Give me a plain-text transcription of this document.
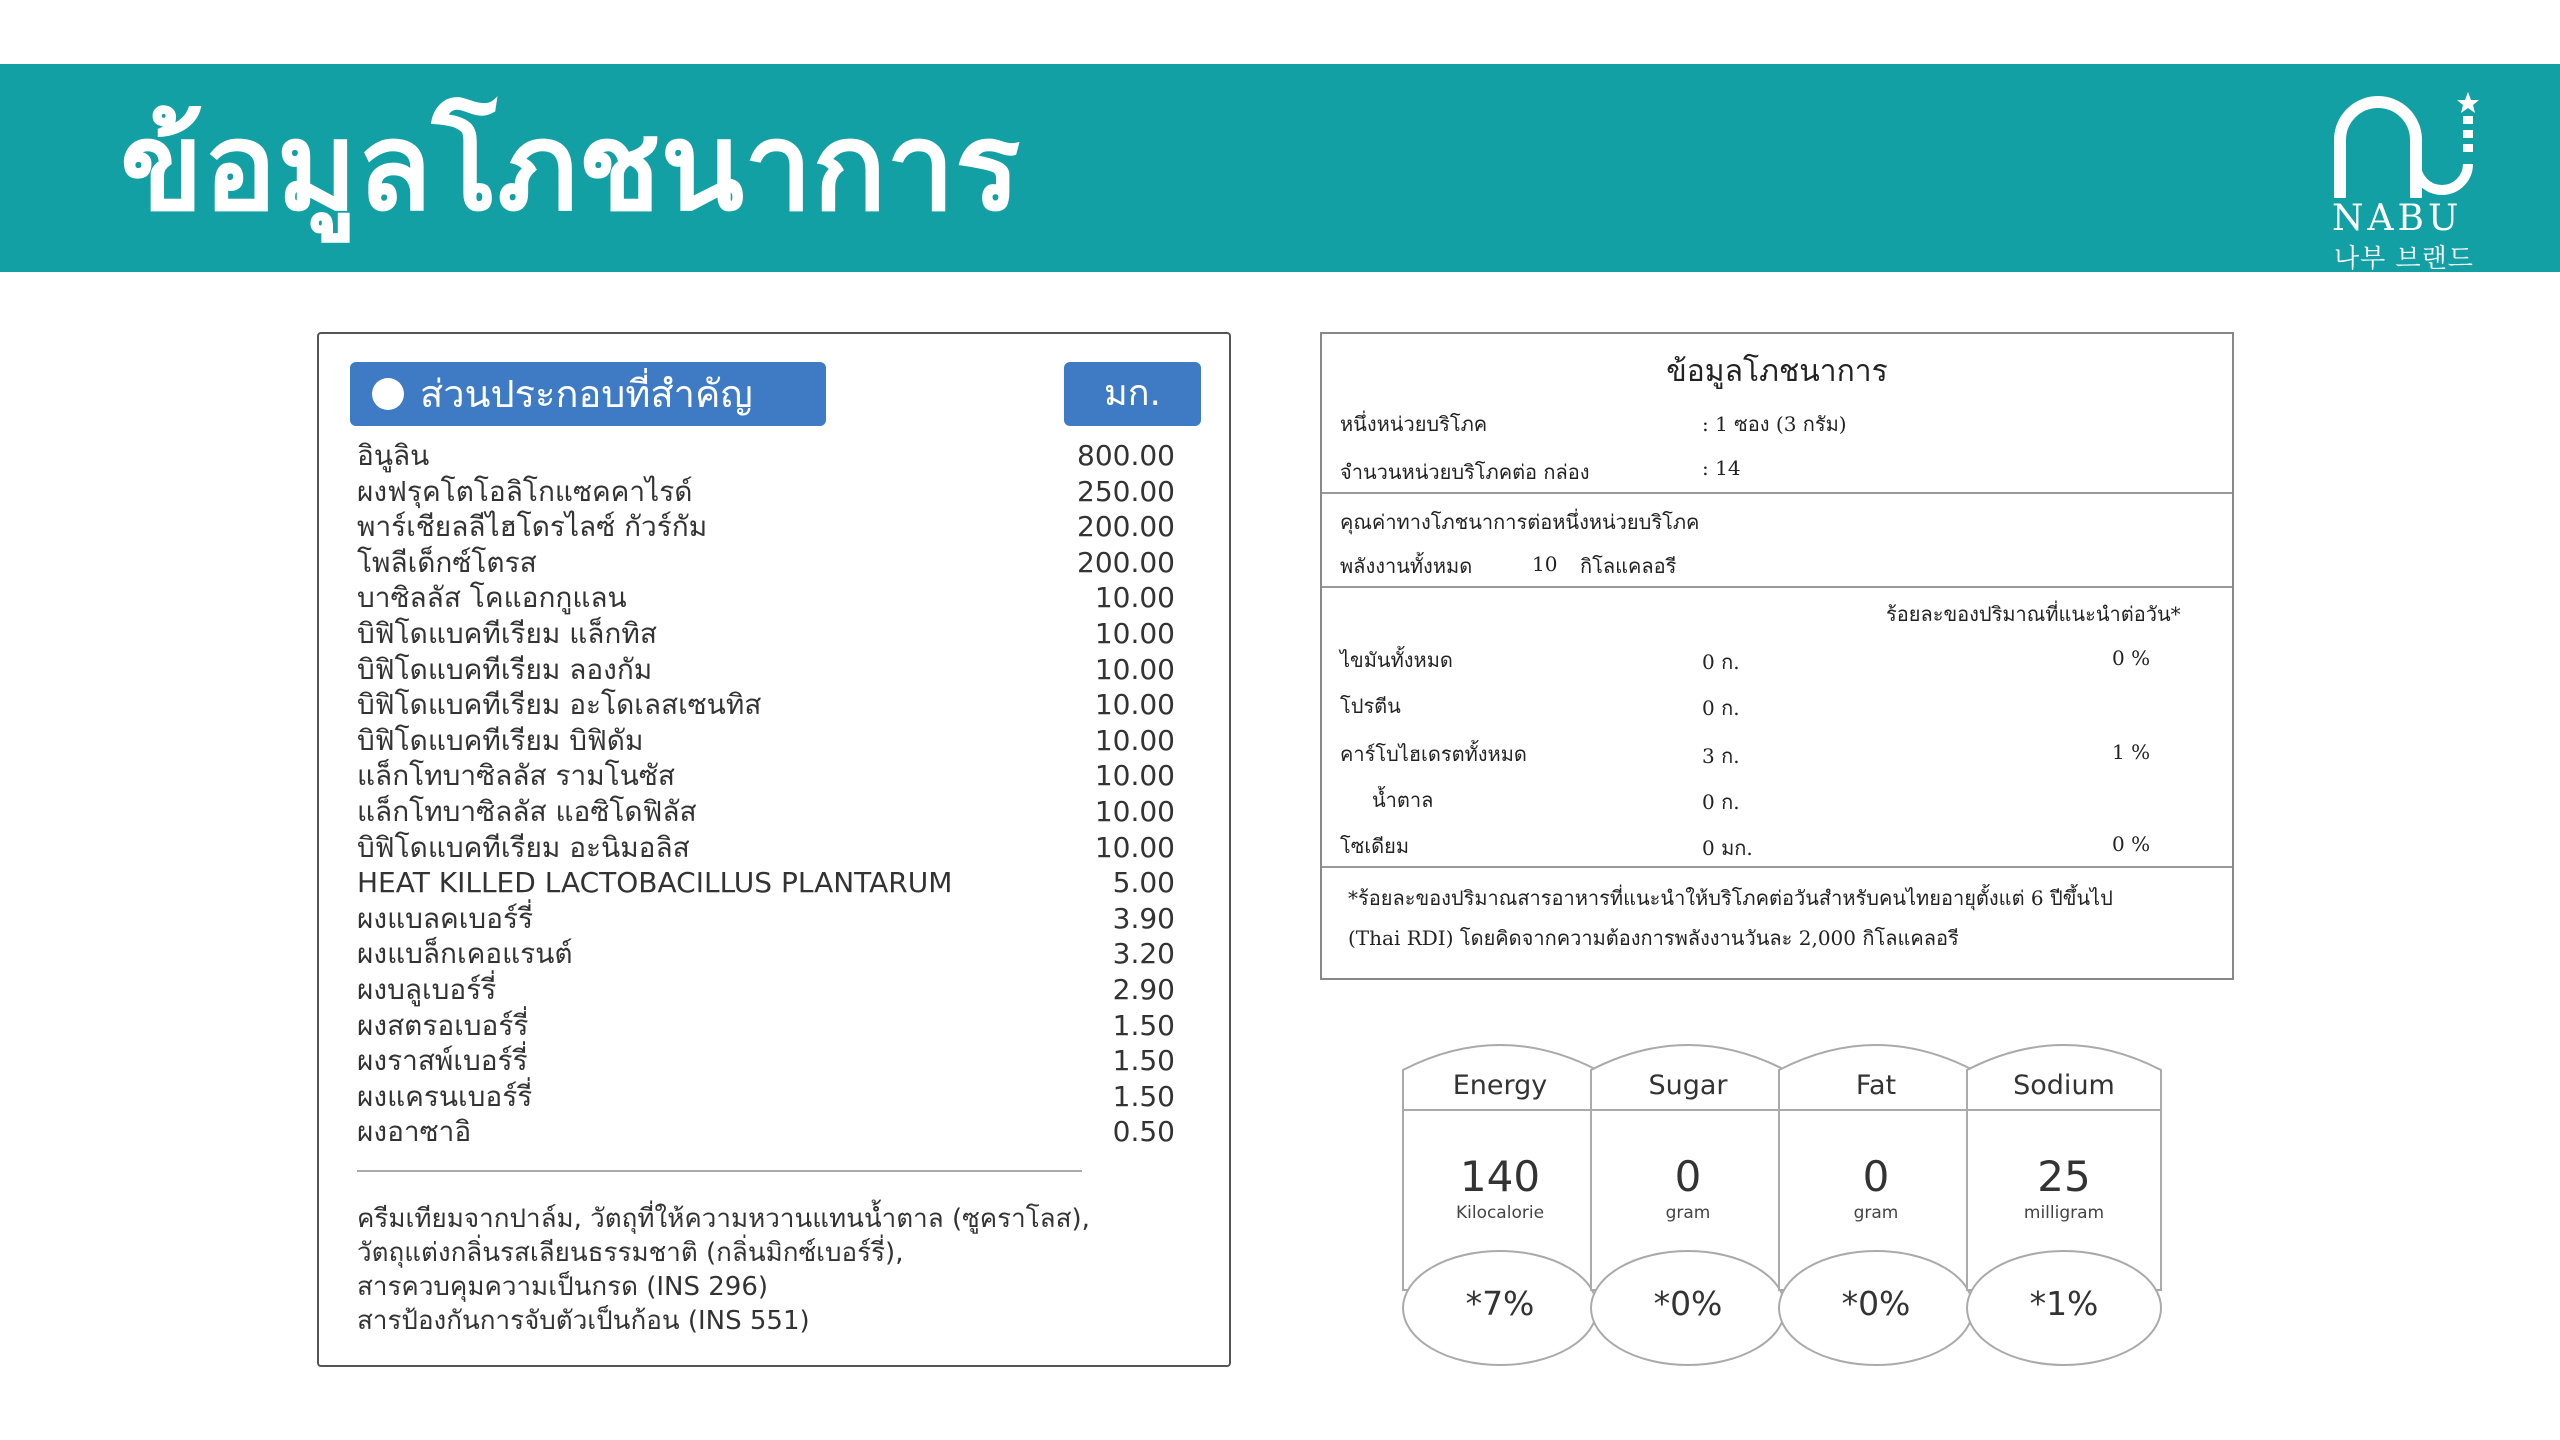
ข้อมูลโภชนาการ	NABU
나부 브랜드
ส่วนประกอบที่สำคัญ	มก.
อินูลิน	800.00
ผงฟรุคโตโอลิโกแซคคาไรด์	250.00
พาร์เชียลลีไฮโดรไลซ์ กัวร์กัม	200.00
โพลีเด็กซ์โตรส	200.00
บาซิลลัส โคแอกกูแลน	10.00
บิฟิโดแบคทีเรียม แล็กทิส	10.00
บิฟิโดแบคทีเรียม ลองกัม	10.00
บิฟิโดแบคทีเรียม อะโดเลสเซนทิส	10.00
บิฟิโดแบคทีเรียม บิฟิดัม	10.00
แล็กโทบาซิลลัส รามโนซัส	10.00
แล็กโทบาซิลลัส แอซิโดฟิลัส	10.00
บิฟิโดแบคทีเรียม อะนิมอลิส	10.00
HEAT KILLED LACTOBACILLUS PLANTARUM	5.00
ผงแบลคเบอร์รี่	3.90
ผงแบล็กเคอแรนต์	3.20
ผงบลูเบอร์รี่	2.90
ผงสตรอเบอร์รี่	1.50
ผงราสพ์เบอร์รี่	1.50
ผงแครนเบอร์รี่	1.50
ผงอาซาอิ	0.50
ครีมเทียมจากปาล์ม, วัตถุที่ให้ความหวานแทนน้ำตาล (ซูคราโลส),
วัตถุแต่งกลิ่นรสเลียนธรรมชาติ (กลิ่นมิกซ์เบอร์รี่),
สารควบคุมความเป็นกรด (INS 296)
สารป้องกันการจับตัวเป็นก้อน (INS 551)
ข้อมูลโภชนาการ
หนึ่งหน่วยบริโภค	: 1 ซอง (3 กรัม)
จำนวนหน่วยบริโภคต่อ กล่อง	: 14
คุณค่าทางโภชนาการต่อหนึ่งหน่วยบริโภค
พลังงานทั้งหมด	10 กิโลแคลอรี
ร้อยละของปริมาณที่แนะนำต่อวัน*
ไขมันทั้งหมด	0 ก.	0 %
โปรตีน	0 ก.
คาร์โบไฮเดรตทั้งหมด	3 ก.	1 %
น้ำตาล	0 ก.
โซเดียม	0 มก.	0 %
*ร้อยละของปริมาณสารอาหารที่แนะนำให้บริโภคต่อวันสำหรับคนไทยอายุตั้งแต่ 6 ปีขึ้นไป
(Thai RDI) โดยคิดจากความต้องการพลังงานวันละ 2,000 กิโลแคลอรี
Energy
140
Kilocalorie
*7%
Sugar
0
gram
*0%
Fat
0
gram
*0%
Sodium
25
milligram
*1%
